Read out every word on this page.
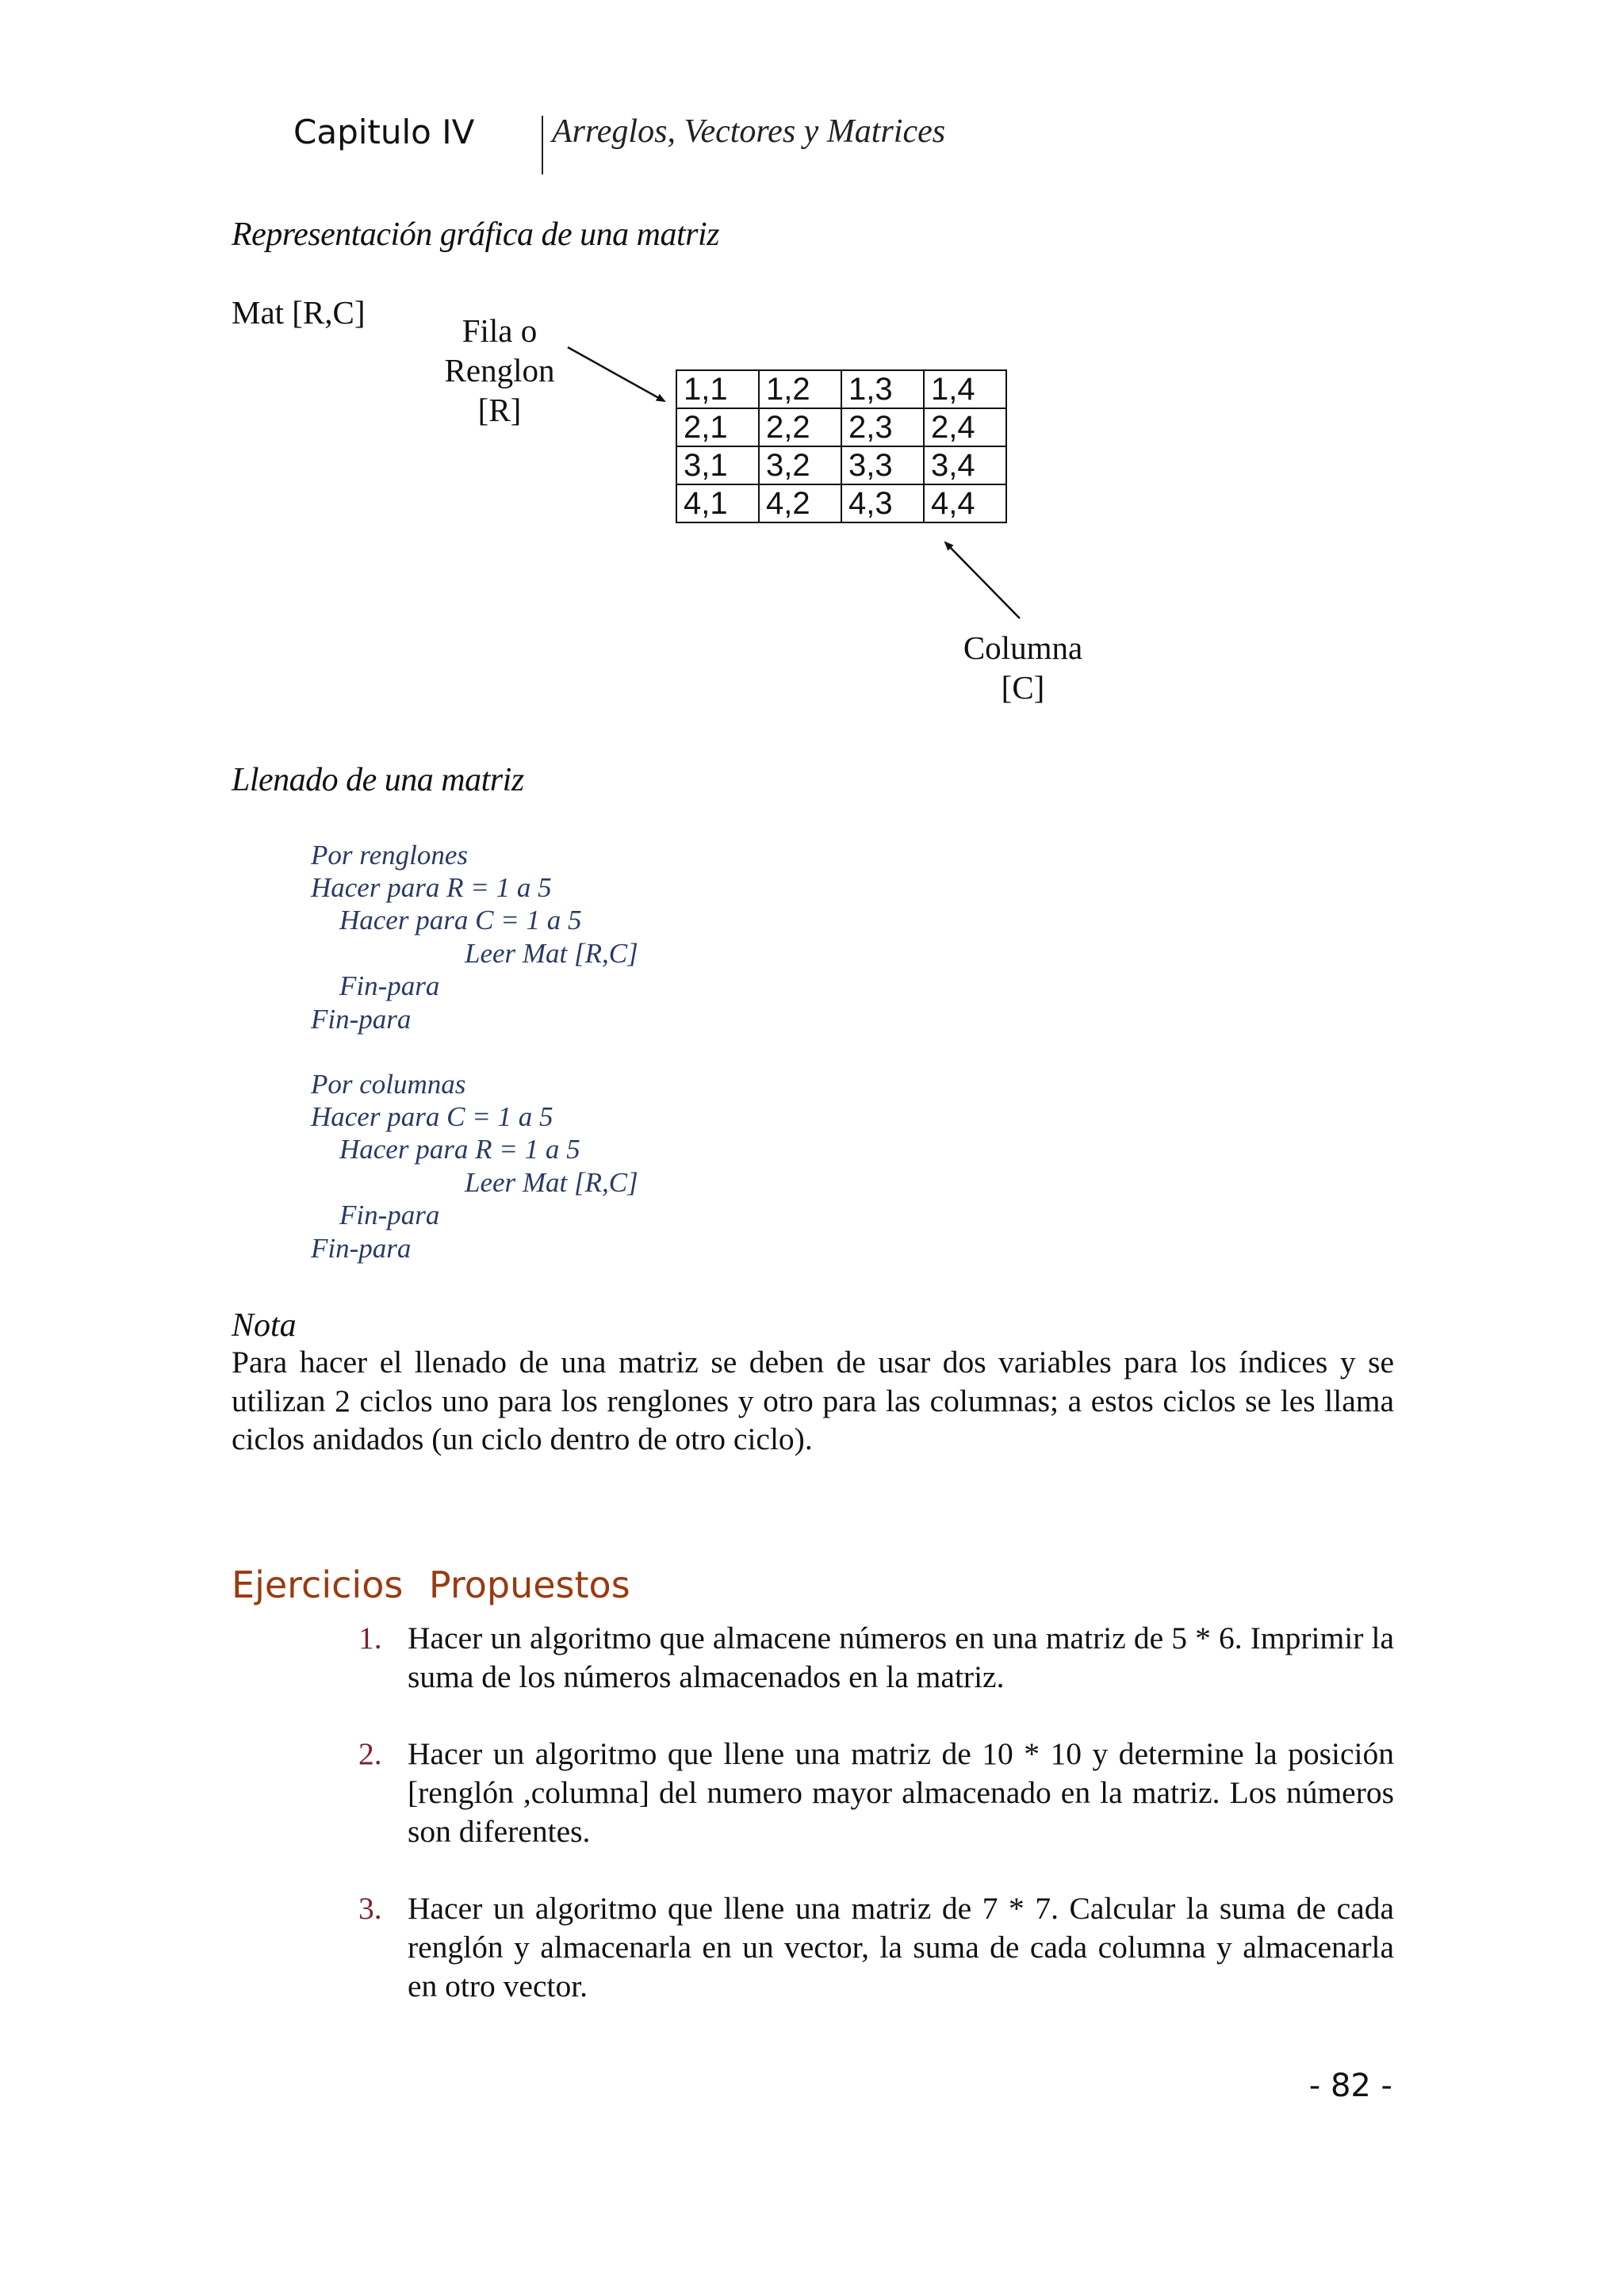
Capitulo IV Arreglos, Vectores y Matrices
Representación gráfica de una matriz
Mat [R,C]	Fila o
Renglon
[R]
1,1	1,2	1,3	1,4
2,1	2,2	2,3	2,4
3,1	3,2	3,3	3,4
4,1	4,2	4,3	4,4
Columna
[C]
Llenado de una matriz
Por renglones
Hacer para R = 1 a 5
Hacer para C = 1 a 5
Leer Mat [R,C]
Fin-para
Fin-para
Por columnas
Hacer para C = 1 a 5
Hacer para R = 1 a 5
Leer Mat [R,C]
Fin-para
Fin-para
Nota
Para hacer el llenado de una matriz se deben de usar dos variables para los índices y se utilizan 2 ciclos uno para los renglones y otro para las columnas; a estos ciclos se les llama ciclos anidados (un ciclo dentro de otro ciclo).
Ejercicios Propuestos
1. Hacer un algoritmo que almacene números en una matriz de 5 * 6. Imprimir la suma de los números almacenados en la matriz.
2. Hacer un algoritmo que llene una matriz de 10 * 10 y determine la posición [renglón ,columna] del numero mayor almacenado en la matriz. Los números son diferentes.
3. Hacer un algoritmo que llene una matriz de 7 * 7. Calcular la suma de cada renglón y almacenarla en un vector, la suma de cada columna y almacenarla en otro vector.
- 82 -
